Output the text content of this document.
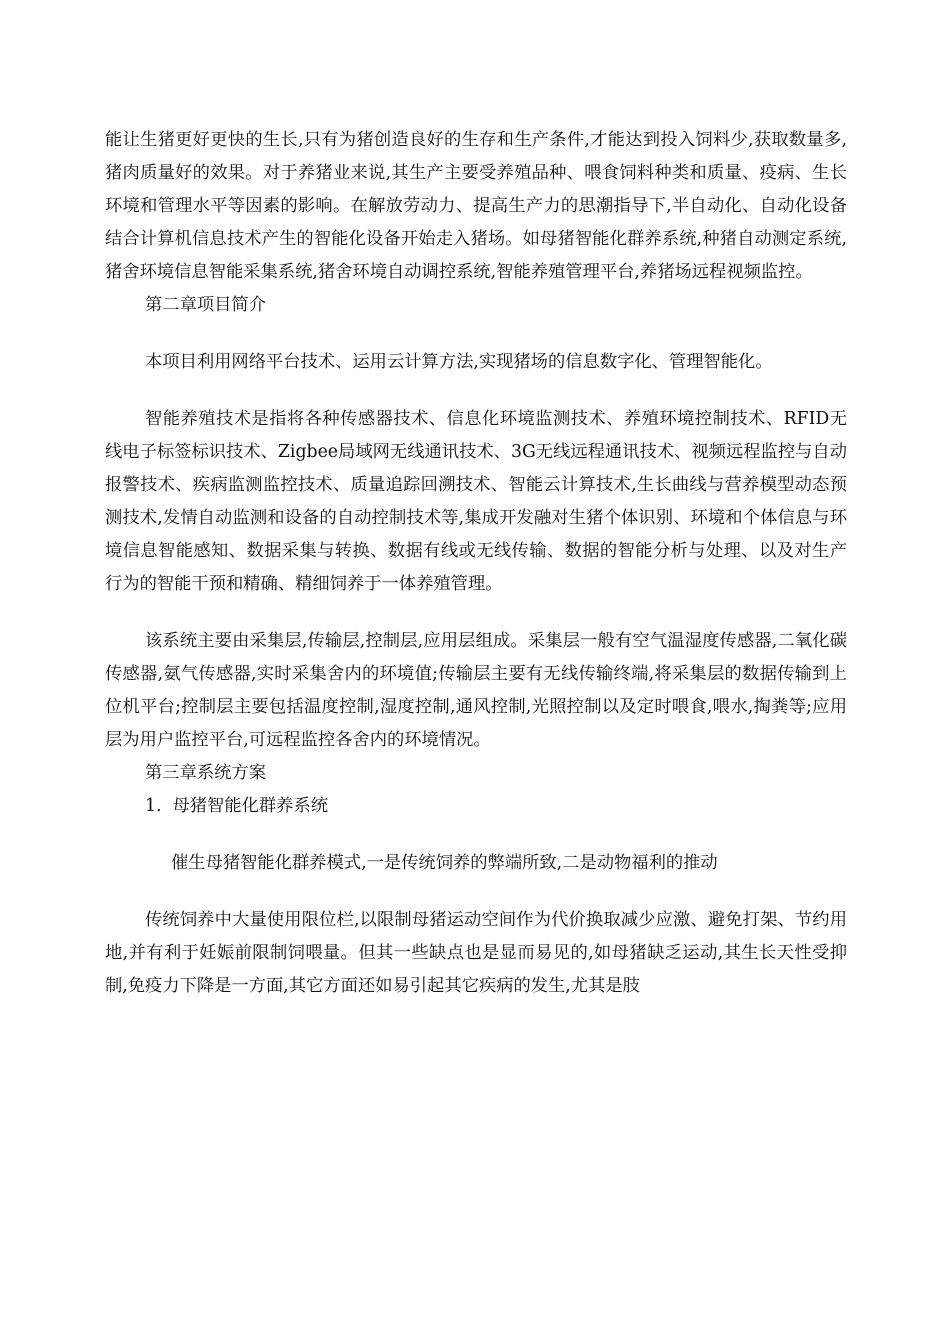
能让生猪更好更快的生长,只有为猪创造良好的生存和生产条件,才能达到投入饲料少,获取数量多,猪肉质量好的效果。对于养猪业来说,其生产主要受养殖品种、喂食饲料种类和质量、疫病、生长环境和管理水平等因素的影响。在解放劳动力、提高生产力的思潮指导下,半自动化、自动化设备结合计算机信息技术产生的智能化设备开始走入猪场。如母猪智能化群养系统,种猪自动测定系统,猪舍环境信息智能采集系统,猪舍环境自动调控系统,智能养殖管理平台,养猪场远程视频监控。

第二章项目简介

本项目利用网络平台技术、运用云计算方法,实现猪场的信息数字化、管理智能化。

智能养殖技术是指将各种传感器技术、信息化环境监测技术、养殖环境控制技术、RFID无线电子标签标识技术、Zigbee局域网无线通讯技术、3G无线远程通讯技术、视频远程监控与自动报警技术、疾病监测监控技术、质量追踪回溯技术、智能云计算技术,生长曲线与营养模型动态预测技术,发情自动监测和设备的自动控制技术等,集成开发融对生猪个体识别、环境和个体信息与环境信息智能感知、数据采集与转换、数据有线或无线传输、数据的智能分析与处理、以及对生产行为的智能干预和精确、精细饲养于一体养殖管理。

该系统主要由采集层,传输层,控制层,应用层组成。采集层一般有空气温湿度传感器,二氧化碳传感器,氨气传感器,实时采集舍内的环境值;传输层主要有无线传输终端,将采集层的数据传输到上位机平台;控制层主要包括温度控制,湿度控制,通风控制,光照控制以及定时喂食,喂水,掏粪等;应用层为用户监控平台,可远程监控各舍内的环境情况。

第三章系统方案

1.  母猪智能化群养系统

催生母猪智能化群养模式,一是传统饲养的弊端所致,二是动物福利的推动

传统饲养中大量使用限位栏,以限制母猪运动空间作为代价换取减少应激、避免打架、节约用地,并有利于妊娠前限制饲喂量。但其一些缺点也是显而易见的,如母猪缺乏运动,其生长天性受抑制,免疫力下降是一方面,其它方面还如易引起其它疾病的发生,尤其是肢
